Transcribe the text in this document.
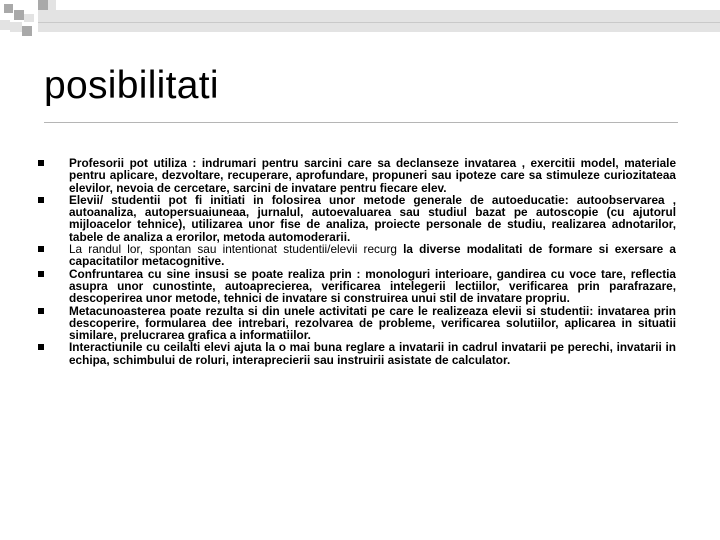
posibilitati
Profesorii pot utiliza : indrumari pentru sarcini care sa declanseze invatarea , exercitii model, materiale pentru aplicare, dezvoltare, recuperare, aprofundare, propuneri sau ipoteze care sa stimuleze curiozitateaa elevilor, nevoia de cercetare, sarcini de invatare pentru fiecare elev.
Elevii/ studentii pot fi initiati in folosirea unor metode generale de autoeducatie: autoobservarea , autoanaliza, autopersuaiuneaa, jurnalul, autoevaluarea sau studiul bazat pe autoscopie (cu ajutorul mijloacelor tehnice), utilizarea unor fise de analiza, proiecte personale de studiu, realizarea adnotarilor, tabele de analiza a erorilor, metoda automoderarii.
La randul lor, spontan sau intentionat studentii/elevii recurg la diverse modalitati de formare si exersare a capacitatilor metacognitive.
Confruntarea cu sine insusi se poate realiza prin : monologuri interioare, gandirea cu voce tare, reflectia asupra unor cunostinte, autoaprecierea, verificarea intelegerii lectiilor, verificarea prin parafrazare, descoperirea unor metode, tehnici de invatare si construirea unui stil de invatare propriu.
Metacunoasterea poate rezulta si din unele activitati pe care le realizeaza elevii si studentii: invatarea prin descoperire, formularea dee intrebari, rezolvarea de probleme, verificarea solutiilor, aplicarea in situatii similare, prelucrarea grafica a informatiilor.
Interactiunile cu ceilalti elevi ajuta la o mai buna reglare a invatarii in cadrul invatarii pe perechi, invatarii in echipa, schimbului de roluri, interaprecierii sau instruirii asistate de calculator.
